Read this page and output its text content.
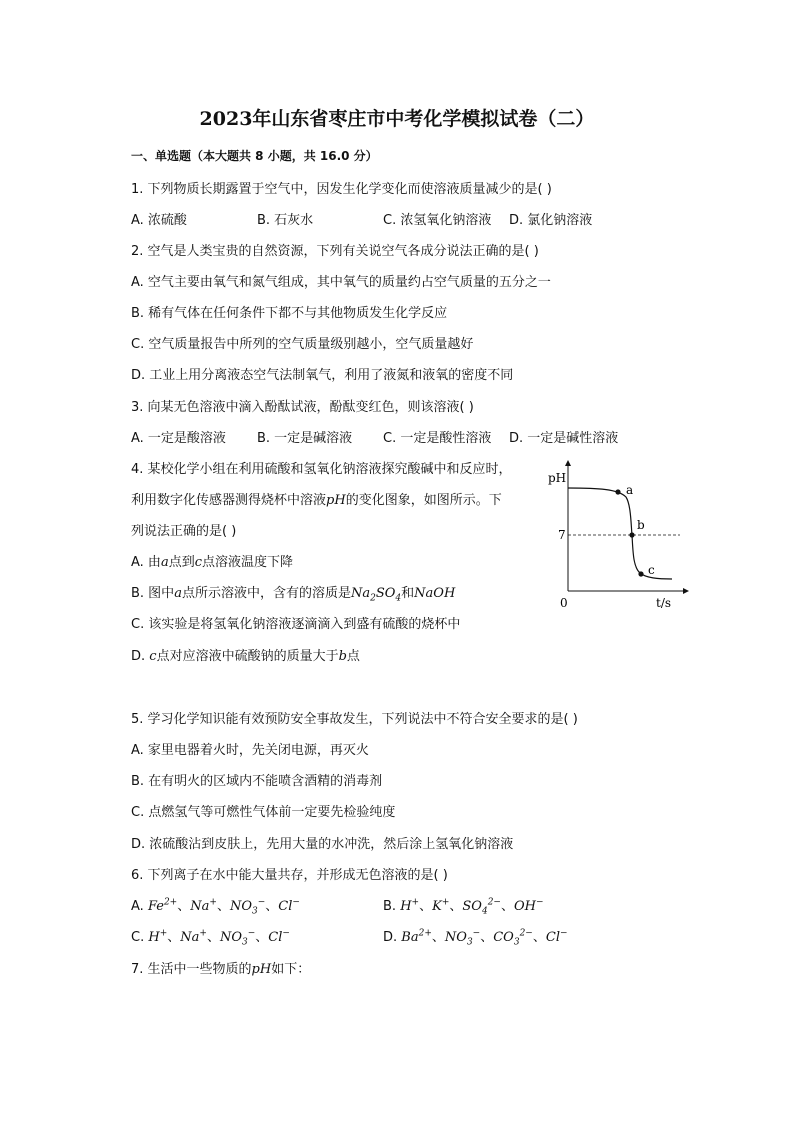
2023年山东省枣庄市中考化学模拟试卷（二）
一、单选题（本大题共 8 小题，共 16.0 分）
1. 下列物质长期露置于空气中，因发生化学变化而使溶液质量减少的是( )
A. 浓硫酸	B. 石灰水	C. 浓氢氧化钠溶液 D. 氯化钠溶液
2. 空气是人类宝贵的自然资源，下列有关说空气各成分说法正确的是( )
A. 空气主要由氧气和氮气组成，其中氧气的质量约占空气质量的五分之一
B. 稀有气体在任何条件下都不与其他物质发生化学反应
C. 空气质量报告中所列的空气质量级别越小，空气质量越好
D. 工业上用分离液态空气法制氧气，利用了液氮和液氧的密度不同
3. 向某无色溶液中滴入酚酞试液，酚酞变红色，则该溶液( )
A. 一定是酸溶液 B. 一定是碱溶液 C. 一定是酸性溶液 D. 一定是碱性溶液
4. 某校化学小组在利用硫酸和氢氧化钠溶液探究酸碱中和反应时，
利用数字化传感器测得烧杯中溶液pH的变化图象，如图所示。下
列说法正确的是( )
A. 由a点到c点溶液温度下降
B. 图中a点所示溶液中，含有的溶质是$Na_2SO_4$和NaOH
C. 该实验是将氢氧化钠溶液逐滴滴入到盛有硫酸的烧杯中
D. c点对应溶液中硫酸钠的质量大于b点
pH
t/s
0
7
a
b
c
5. 学习化学知识能有效预防安全事故发生，下列说法中不符合安全要求的是( )
A. 家里电器着火时，先关闭电源，再灭火
B. 在有明火的区域内不能喷含酒精的消毒剂
C. 点燃氢气等可燃性气体前一定要先检验纯度
D. 浓硫酸沾到皮肤上，先用大量的水冲洗，然后涂上氢氧化钠溶液
6. 下列离子在水中能大量共存，并形成无色溶液的是( )
A. $Fe^{2+}$、Na+、$NO_3^-$、Cl−	B. H+、K+、$SO_4^{2-}$、OH−
C. H+、Na+、$NO_3^-$、Cl−	D. $Ba^{2+}$、$NO_3^-$、$CO_3^{2-}$、Cl−
7. 生活中一些物质的pH如下：
